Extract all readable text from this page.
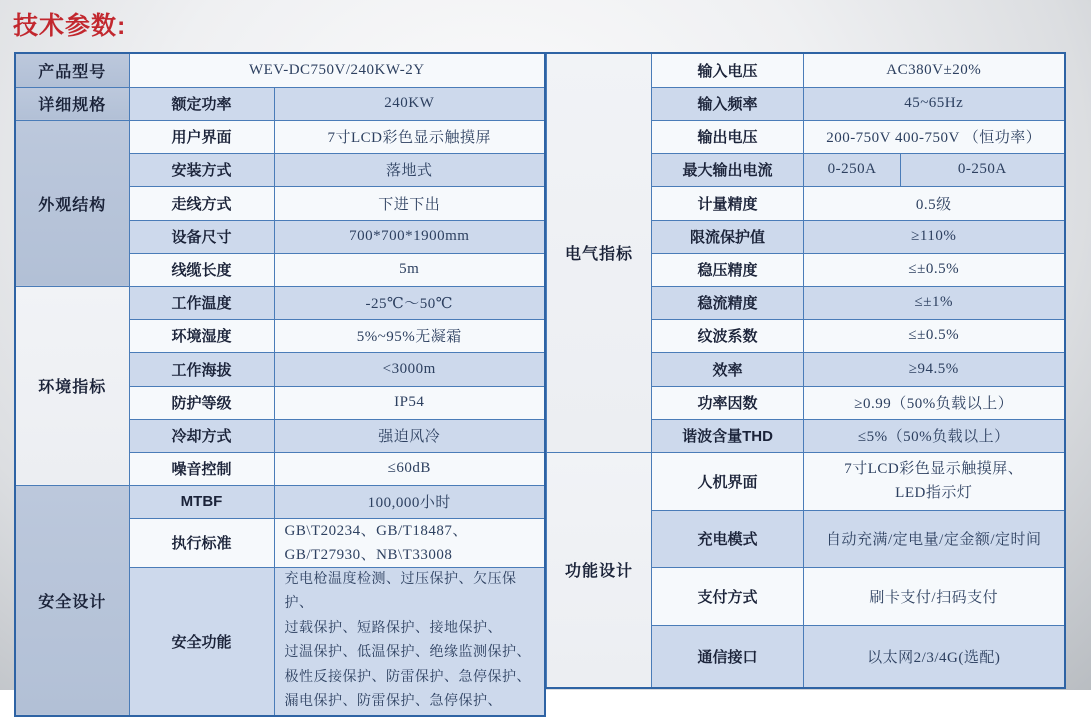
技术参数:
产品型号	WEV-DC750V/240KW-2Y	
详细规格	额定功率	240KW
外观结构	用户界面	7寸LCD彩色显示触摸屏
	安装方式	落地式
	走线方式	下进下出
	设备尺寸	700*700*1900mm
	线缆长度	5m
环境指标	工作温度	-25℃～50℃
	环境湿度	5%~95%无凝霜
	工作海拔	<3000m
	防护等级	IP54
	冷却方式	强迫风冷
	噪音控制	≤60dB
安全设计	MTBF	100,000小时
	执行标准	GB\T20234、GB/T18487、
GB/T27930、NB\T33008

	安全功能	充电枪温度检测、过压保护、欠压保护、
过载保护、短路保护、接地保护、
过温保护、低温保护、绝缘监测保护、
极性反接保护、防雷保护、急停保护、
漏电保护、防雷保护、急停保护、
电气指标	输入电压	AC380V±20%	
	输入频率	45~65Hz	
	输出电压	200-750V 400-750V （恒功率）	
	最大输出电流	0-250A	0-250A
	计量精度	0.5级	
	限流保护值	≥110%	
	稳压精度	≤±0.5%	
	稳流精度	≤±1%	
	纹波系数	≤±0.5%	
	效率	≥94.5%	
	功率因数	≥0.99（50%负载以上）	
	谐波含量THD	≤5%（50%负载以上）	
功能设计	人机界面	7寸LCD彩色显示触摸屏、
LED指示灯	

	充电模式	自动充满/定电量/定金额/定时间	
	支付方式	刷卡支付/扫码支付	
	通信接口	以太网2/3/4G(选配)	
